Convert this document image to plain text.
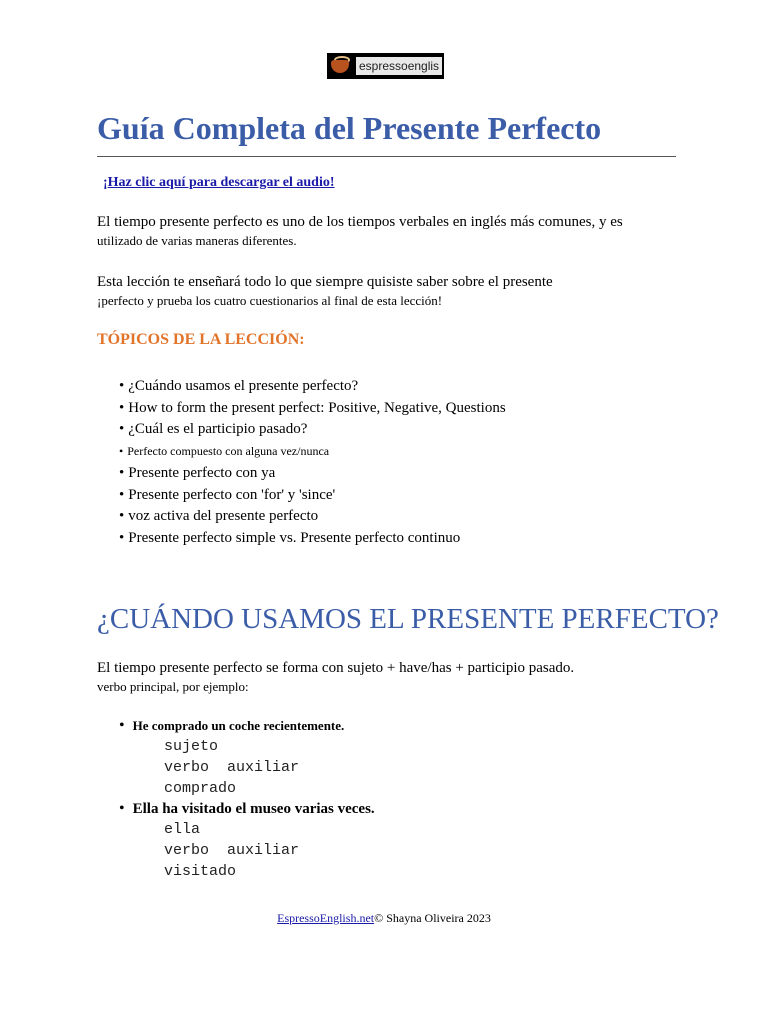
espressoenglis
Guía Completa del Presente Perfecto
¡Haz clic aquí para descargar el audio!
El tiempo presente perfecto es uno de los tiempos verbales en inglés más comunes, y es
utilizado de varias maneras diferentes.
Esta lección te enseñará todo lo que siempre quisiste saber sobre el presente
¡perfecto y prueba los cuatro cuestionarios al final de esta lección!
TÓPICOS DE LA LECCIÓN:
• ¿Cuándo usamos el presente perfecto?
• How to form the present perfect: Positive, Negative, Questions
• ¿Cuál es el participio pasado?
• Perfecto compuesto con alguna vez/nunca
• Presente perfecto con ya
• Presente perfecto con 'for' y 'since'
• voz activa del presente perfecto
• Presente perfecto simple vs. Presente perfecto continuo
¿CUÁNDO USAMOS EL PRESENTE PERFECTO?
El tiempo presente perfecto se forma con sujeto + have/has + participio pasado.
verbo principal, por ejemplo:
• He comprado un coche recientemente.
sujeto
verbo  auxiliar
comprado
• Ella ha visitado el museo varias veces.
ella
verbo  auxiliar
visitado
EspressoEnglish.net© Shayna Oliveira 2023
